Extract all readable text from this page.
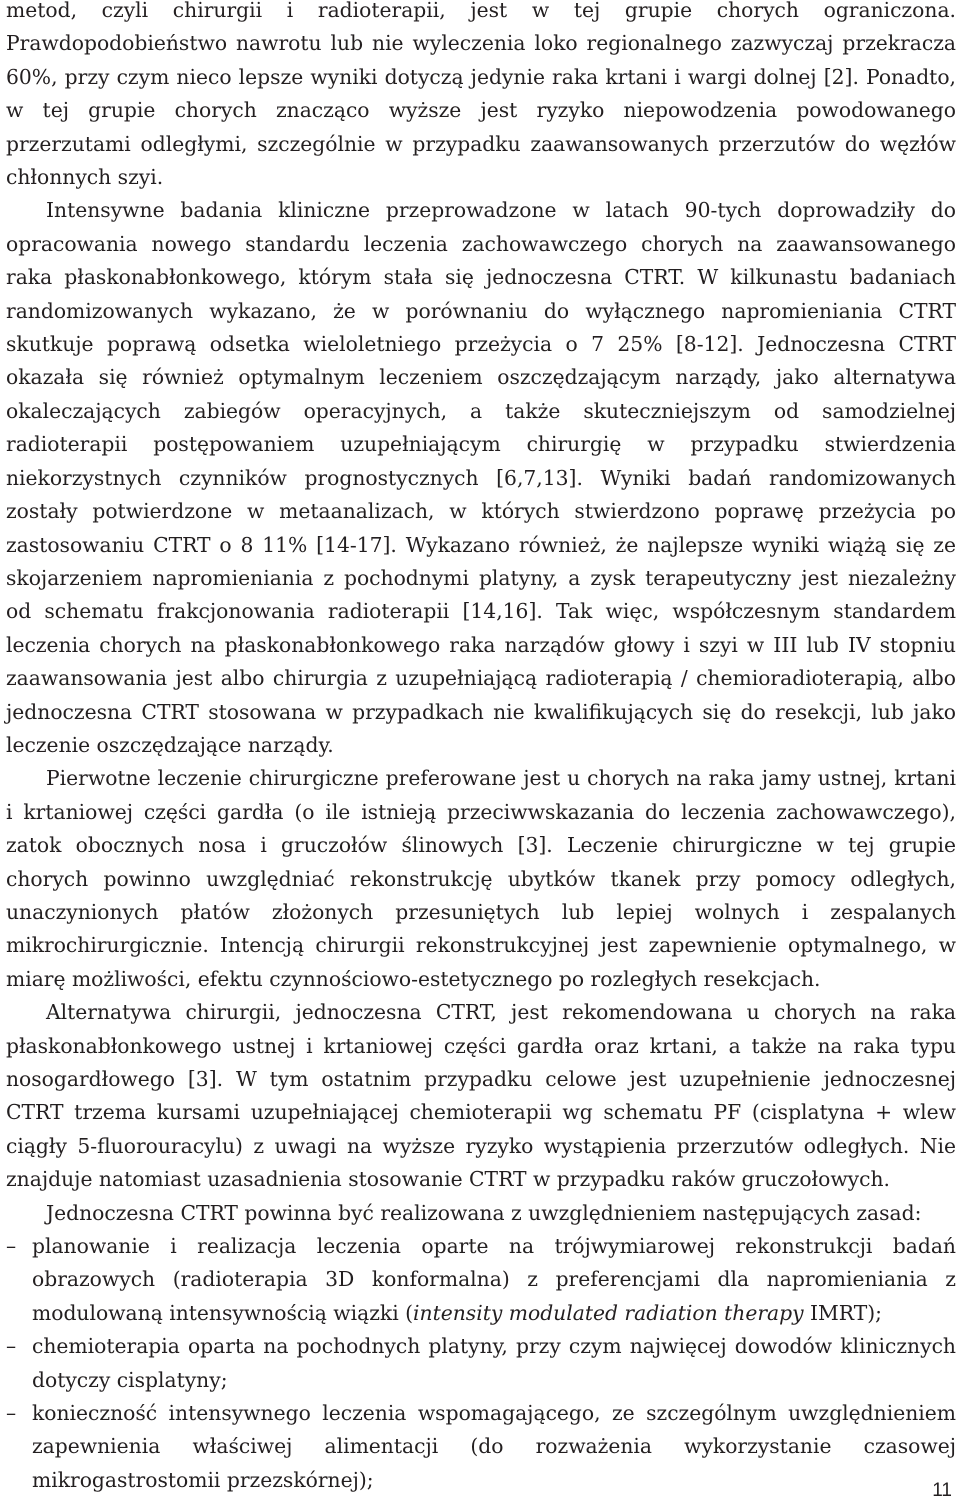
metod, czyli chirurgii i radioterapii, jest w tej grupie chorych ograniczona. Prawdopodobieństwo nawrotu lub nie wyleczenia loko regionalnego zazwyczaj przekracza 60%, przy czym nieco lepsze wyniki dotyczą jedynie raka krtani i wargi dolnej [2]. Ponadto, w tej grupie chorych znacząco wyższe jest ryzyko niepowodzenia powodowanego przerzutami odległymi, szczególnie w przypadku zaawansowanych przerzutów do węzłów chłonnych szyi.

Intensywne badania kliniczne przeprowadzone w latach 90-tych doprowadziły do opracowania nowego standardu leczenia zachowawczego chorych na zaawansowanego raka płaskonabłonkowego, którym stała się jednoczesna CTRT. W kilkunastu badaniach randomizowanych wykazano, że w porównaniu do wyłącznego napromieniania CTRT skutkuje poprawą odsetka wieloletniego przeżycia o 7 25% [8-12]. Jednoczesna CTRT okazała się również optymalnym leczeniem oszczędzającym narządy, jako alternatywa okaleczających zabiegów operacyjnych, a także skuteczniejszym od samodzielnej radioterapii postępowaniem uzupełniającym chirurgię w przypadku stwierdzenia niekorzystnych czynników prognostycznych [6,7,13]. Wyniki badań randomizowanych zostały potwierdzone w metaanalizach, w których stwierdzono poprawę przeżycia po zastosowaniu CTRT o 8 11% [14-17]. Wykazano również, że najlepsze wyniki wiążą się ze skojarzeniem napromieniania z pochodnymi platyny, a zysk terapeutyczny jest niezależny od schematu frakcjonowania radioterapii [14,16]. Tak więc, współczesnym standardem leczenia chorych na płaskonabłonkowego raka narządów głowy i szyi w III lub IV stopniu zaawansowania jest albo chirurgia z uzupełniającą radioterapią / chemioradioterapią, albo jednoczesna CTRT stosowana w przypadkach nie kwalifikujących się do resekcji, lub jako leczenie oszczędzające narządy.

Pierwotne leczenie chirurgiczne preferowane jest u chorych na raka jamy ustnej, krtani i krtaniowej części gardła (o ile istnieją przeciwwskazania do leczenia zachowawczego), zatok obocznych nosa i gruczołów ślinowych [3]. Leczenie chirurgiczne w tej grupie chorych powinno uwzględniać rekonstrukcję ubytków tkanek przy pomocy odległych, unaczynionych płatów złożonych przesuniętych lub lepiej wolnych i zespalanych mikrochirurgicznie. Intencją chirurgii rekonstrukcyjnej jest zapewnienie optymalnego, w miarę możliwości, efektu czynnościowo-estetycznego po rozległych resekcjach.

Alternatywa chirurgii, jednoczesna CTRT, jest rekomendowana u chorych na raka płaskonabłonkowego ustnej i krtaniowej części gardła oraz krtani, a także na raka typu nosogardłowego [3]. W tym ostatnim przypadku celowe jest uzupełnienie jednoczesnej CTRT trzema kursami uzupełniającej chemioterapii wg schematu PF (cisplatyna + wlew ciągły 5-fluorouracylu) z uwagi na wyższe ryzyko wystąpienia przerzutów odległych. Nie znajduje natomiast uzasadnienia stosowanie CTRT w przypadku raków gruczołowych.

Jednoczesna CTRT powinna być realizowana z uwzględnieniem następujących zasad:

– planowanie i realizacja leczenia oparte na trójwymiarowej rekonstrukcji badań obrazowych (radioterapia 3D konformalna) z preferencjami dla napromieniania z modulowaną intensywnością wiązki (intensity modulated radiation therapy IMRT);
– chemioterapia oparta na pochodnych platyny, przy czym najwięcej dowodów klinicznych dotyczy cisplatyny;
– konieczność intensywnego leczenia wspomagającego, ze szczególnym uwzględnieniem zapewnienia właściwej alimentacji (do rozważenia wykorzystanie czasowej mikrogastrostomii przezskórnej);	11
